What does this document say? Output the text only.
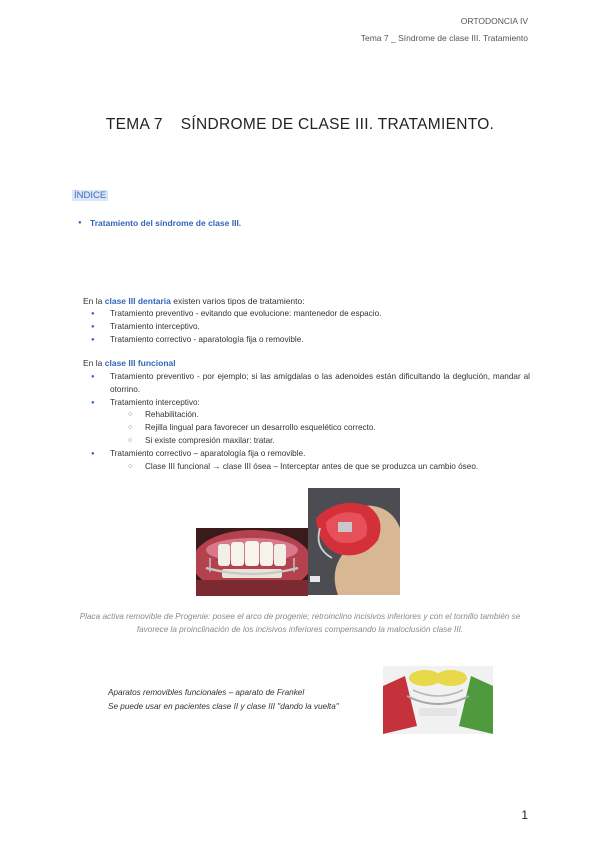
ORTODONCIA IV
Tema 7 _ Síndrome de clase III. Tratamiento
TEMA 7 SÍNDROME DE CLASE III. TRATAMIENTO.
ÍNDICE
● Tratamiento del síndrome de clase III.
En la clase III dentaria existen varios tipos de tratamiento:
● Tratamiento preventivo - evitando que evolucione: mantenedor de espacio.
● Tratamiento interceptivo.
● Tratamiento correctivo - aparatología fija o removible.
En la clase III funcional
● Tratamiento preventivo - por ejemplo; si las amígdalas o las adenoides están dificultando la deglución, mandar al otorrino.
● Tratamiento interceptivo:
○ Rehabilitación.
○ Rejilla lingual para favorecer un desarrollo esquelético correcto.
○ Si existe compresión maxilar: tratar.
● Tratamiento correctivo – aparatología fija o removible.
○ Clase III funcional → clase III ósea – Interceptar antes de que se produzca un cambio óseo.
Placa activa removible de Progenie: posee el arco de progenie; retroinclino incisivos inferiores y con el tornillo también se favorece la proinclinación de los incisivos inferiores compensando la maloclusión clase III.
Aparatos removibles funcionales – aparato de Frankel
Se puede usar en pacientes clase II y clase III "dando la vuelta"
1
